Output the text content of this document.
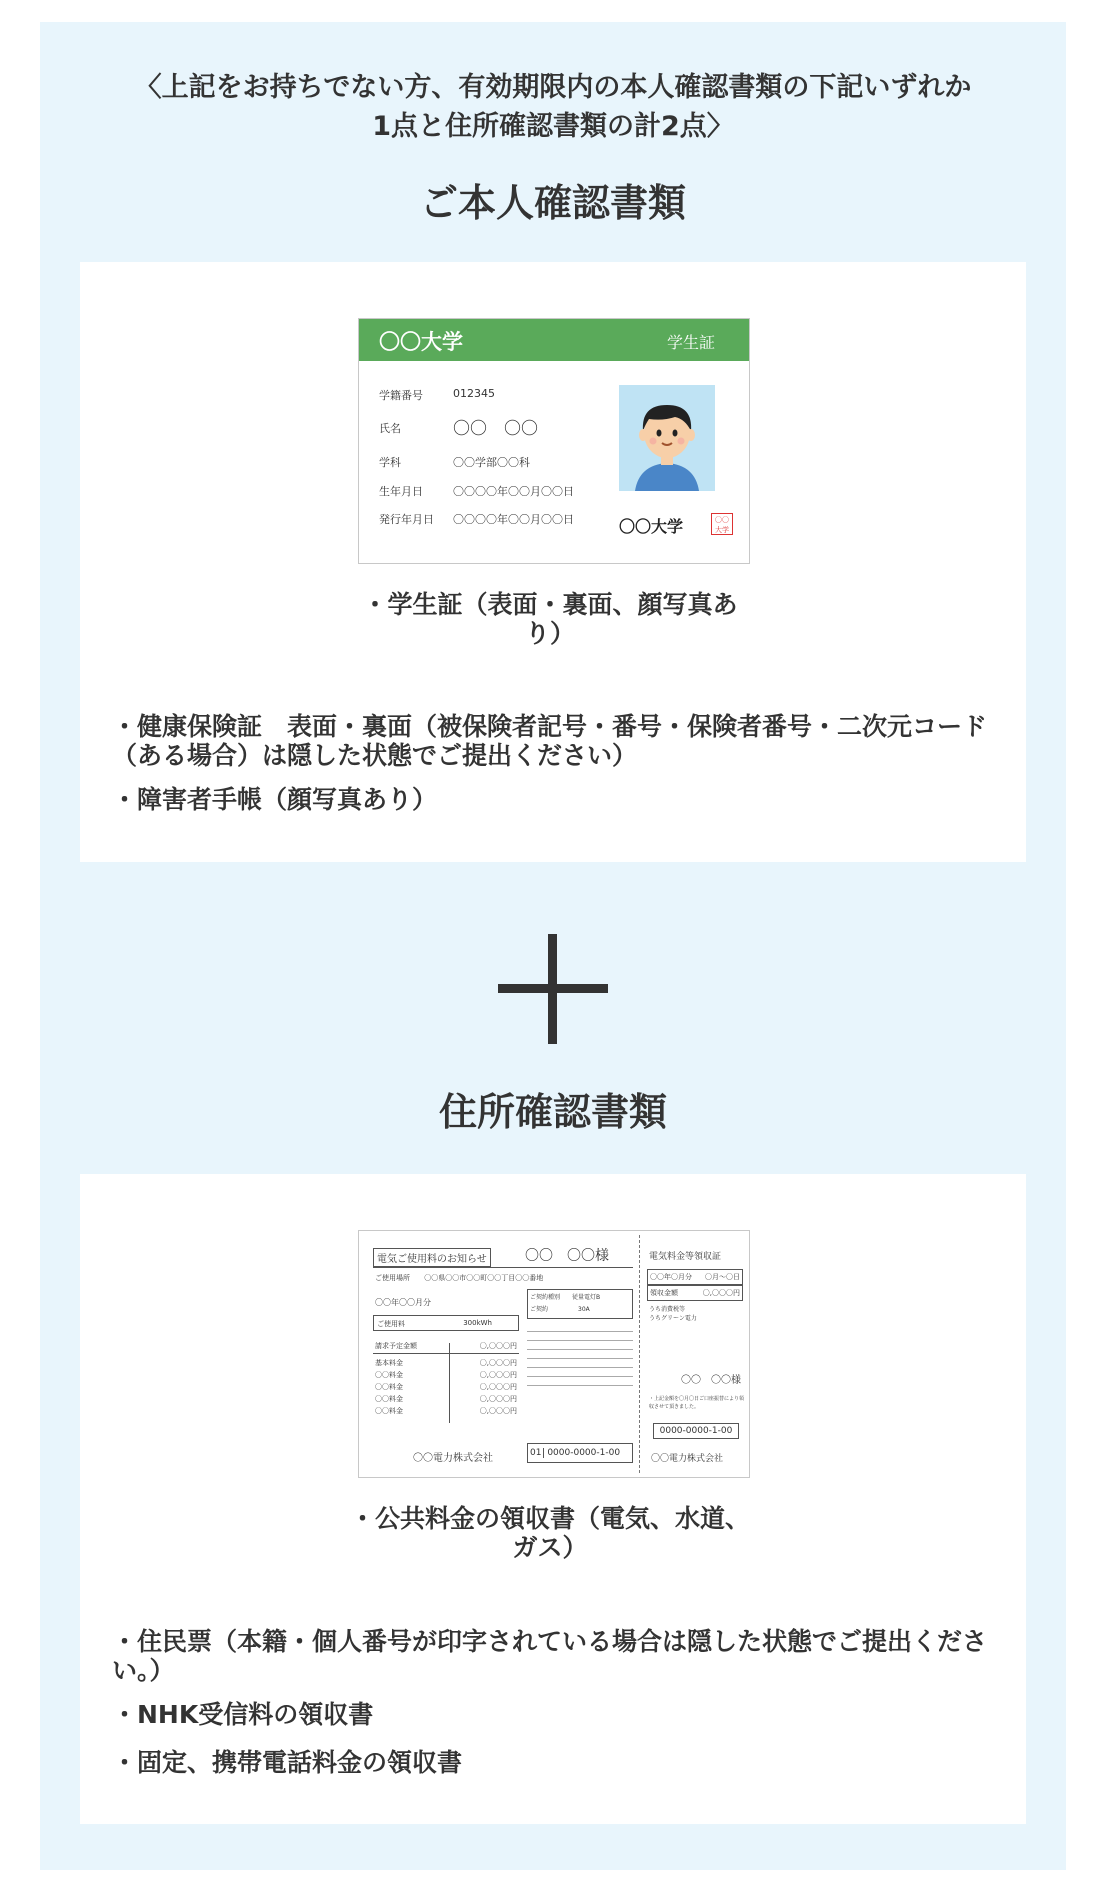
〈上記をお持ちでない方、有効期限内の本人確認書類の下記いずれか
1点と住所確認書類の計2点〉
ご本人確認書類
〇〇大学	学生証
学籍番号	012345
氏名	〇〇　〇〇
学科	〇〇学部〇〇科
生年月日	〇〇〇〇年〇〇月〇〇日
発行年月日 〇〇〇〇年〇〇月〇〇日	〇〇大学	〇〇大学
・学生証（表面・裏面、顔写真あ
り）
・健康保険証　表面・裏面（被保険者記号・番号・保険者番号・二次元コード（ある場合）は隠した状態でご提出ください）
・障害者手帳（顔写真あり）
住所確認書類
電気ご使用料のお知らせ	〇〇　〇〇様
ご使用場所 〇〇県〇〇市〇〇町〇〇丁目〇〇番地
〇〇年〇〇月分
ご使用料	300kWh
請求予定金額	〇,〇〇〇円
基本料金	〇,〇〇〇円
〇〇料金	〇,〇〇〇円
〇〇料金	〇,〇〇〇円
〇〇料金	〇,〇〇〇円
〇〇料金	〇,〇〇〇円
ご契約種別 従量電灯B
ご契約	30A
〇〇電力株式会社	01 0000-0000-1-00
電気料金等領収証
〇〇年〇月分 〇月〜〇日
領収金額	〇,〇〇〇円
うち消費税等
うちグリーン電力
〇〇　〇〇様
・上記金額を〇月〇日ご口座振替により領収させて頂きました。
0000-0000-1-00
〇〇電力株式会社
・公共料金の領収書（電気、水道、
ガス）
・住民票（本籍・個人番号が印字されている場合は隠した状態でご提出ください。）
・NHK受信料の領収書
・固定、携帯電話料金の領収書
